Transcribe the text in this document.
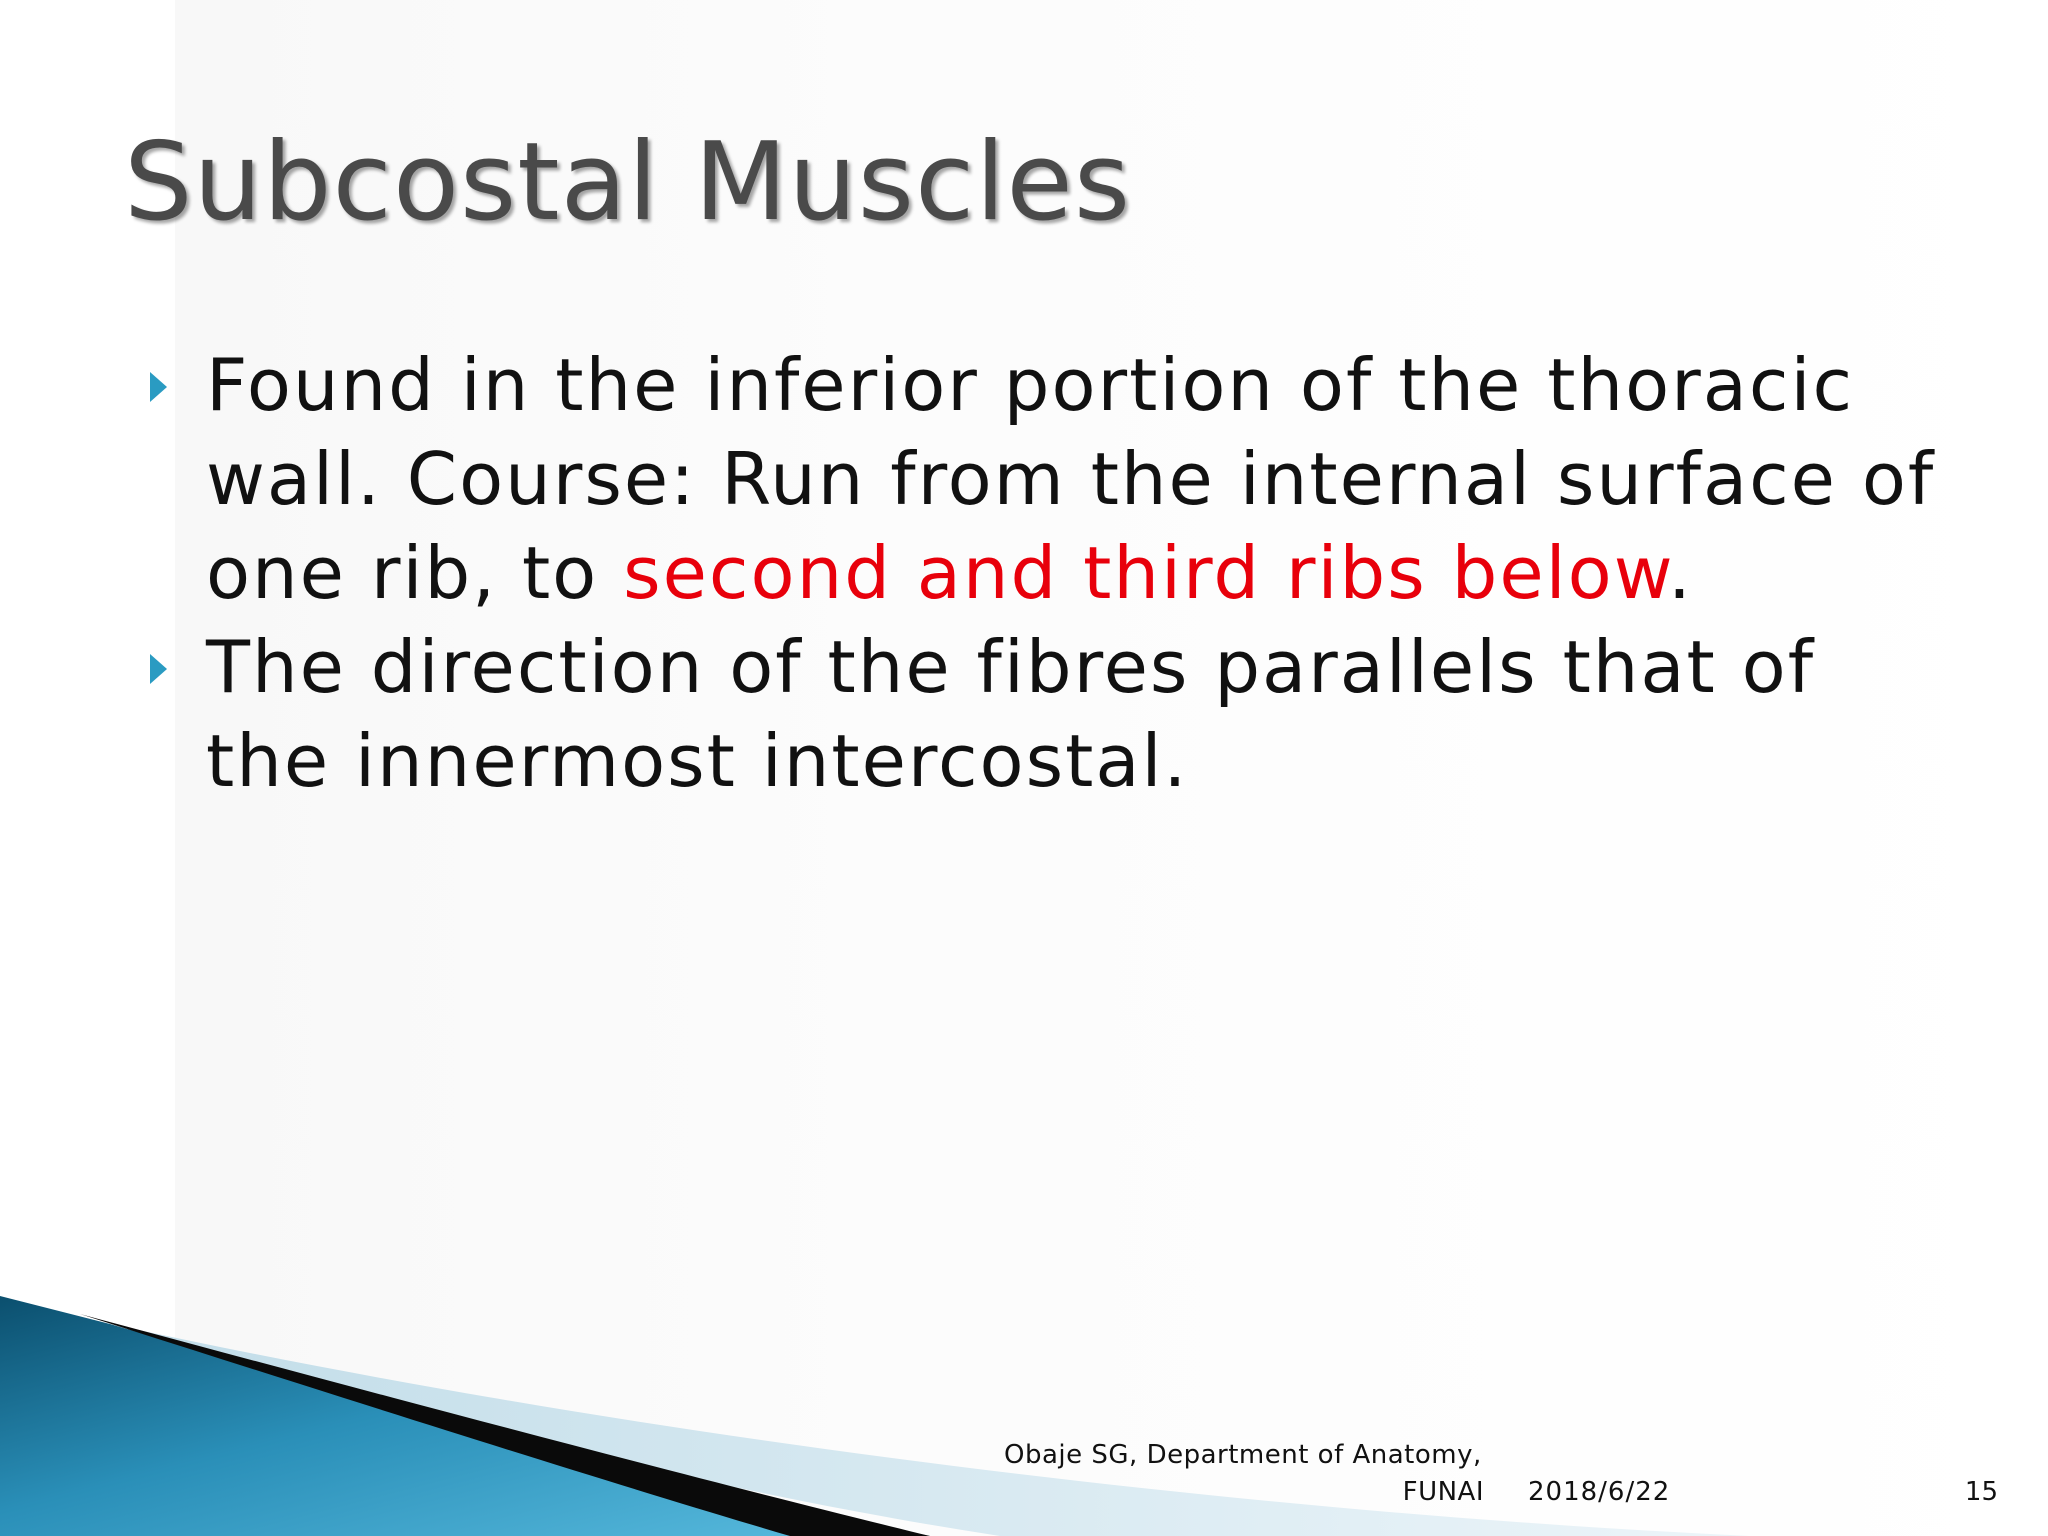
Subcostal Muscles
Found in the inferior portion of the thoracic
wall. Course: Run from the internal surface of
one rib, to second and third ribs below.
The direction of the fibres parallels that of
the innermost intercostal.
Obaje SG, Department of Anatomy,
FUNAI 2018/6/22	15
